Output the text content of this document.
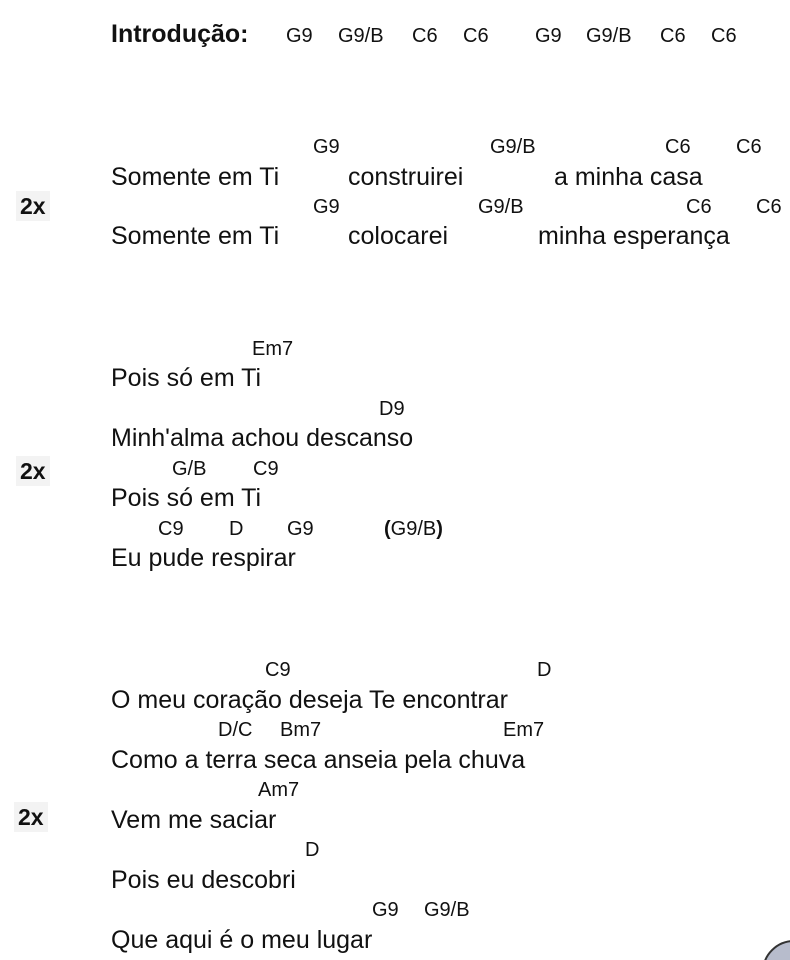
Introdução: G9 G9/B C6 C6 G9 G9/B C6 C6
2x
G9	G9/B	C6 C6
Somente em Ti	construirei	a minha casa
G9	G9/B	C6 C6
Somente em Ti	colocarei	minha esperança
2x
Em7
Pois só em Ti
D9
Minh'alma achou descanso
G/B C9
Pois só em Ti
C9 D G9	(G9/B)
Eu pude respirar
2x
C9	D
O meu coração deseja Te encontrar
D/C Bm7	Em7
Como a terra seca anseia pela chuva
Am7
Vem me saciar
D
Pois eu descobri
G9 G9/B
Que aqui é o meu lugar
